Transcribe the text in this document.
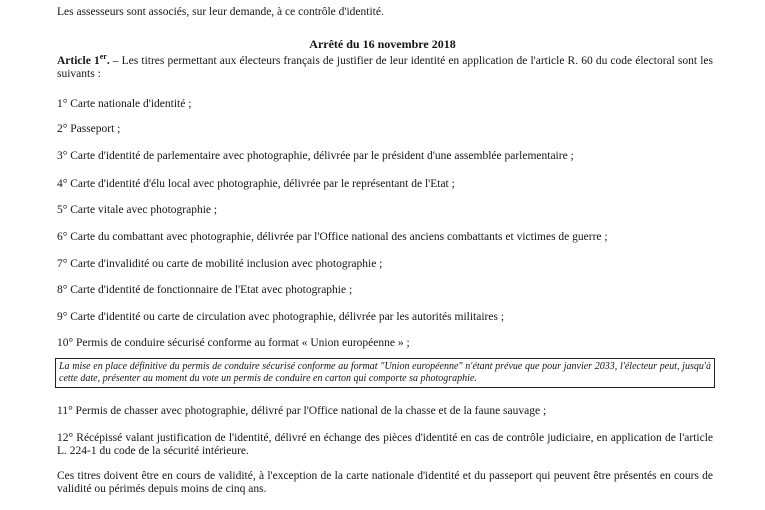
Les assesseurs sont associés, sur leur demande, à ce contrôle d'identité.
Arrêté du 16 novembre 2018
Article 1er. – Les titres permettant aux électeurs français de justifier de leur identité en application de l'article R. 60 du code électoral sont les suivants :
1° Carte nationale d'identité ;
2° Passeport ;
3° Carte d'identité de parlementaire avec photographie, délivrée par le président d'une assemblée parlementaire ;
4° Carte d'identité d'élu local avec photographie, délivrée par le représentant de l'Etat ;
5° Carte vitale avec photographie ;
6° Carte du combattant avec photographie, délivrée par l'Office national des anciens combattants et victimes de guerre ;
7° Carte d'invalidité ou carte de mobilité inclusion avec photographie ;
8° Carte d'identité de fonctionnaire de l'Etat avec photographie ;
9° Carte d'identité ou carte de circulation avec photographie, délivrée par les autorités militaires ;
10° Permis de conduire sécurisé conforme au format « Union européenne » ;
La mise en place définitive du permis de conduire sécurisé conforme au format "Union européenne" n'étant prévue que pour janvier 2033, l'électeur peut, jusqu'à cette date, présenter au moment du vote un permis de conduire en carton qui comporte sa photographie.
11° Permis de chasser avec photographie, délivré par l'Office national de la chasse et de la faune sauvage ;
12° Récépissé valant justification de l'identité, délivré en échange des pièces d'identité en cas de contrôle judiciaire, en application de l'article L. 224-1 du code de la sécurité intérieure.
Ces titres doivent être en cours de validité, à l'exception de la carte nationale d'identité et du passeport qui peuvent être présentés en cours de validité ou périmés depuis moins de cinq ans.
